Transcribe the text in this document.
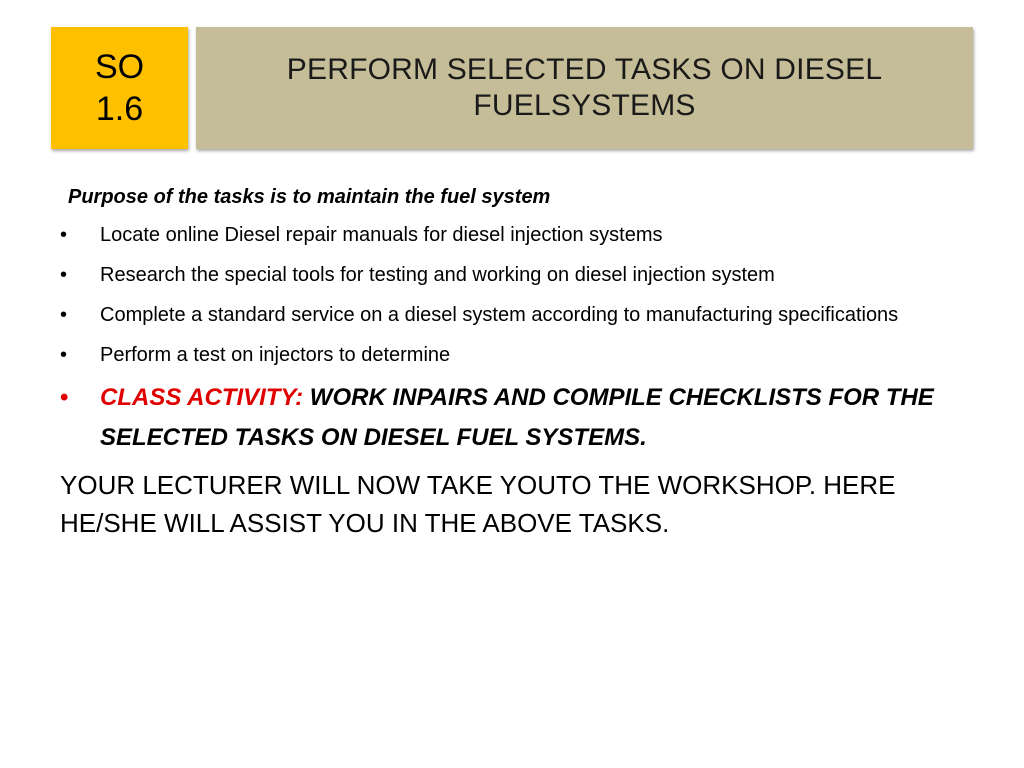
SO
1.6
PERFORM SELECTED TASKS ON DIESEL
FUELSYSTEMS
Purpose of the tasks is to maintain the fuel system
•	Locate online Diesel repair manuals for diesel injection systems
•	Research the special tools for testing and working on diesel injection system
•	Complete a standard service on a diesel system according to manufacturing specifications
•	Perform a test on injectors to determine
•	CLASS ACTIVITY: WORK INPAIRS AND COMPILE CHECKLISTS FOR THE SELECTED TASKS ON DIESEL FUEL SYSTEMS.
YOUR LECTURER WILL NOW TAKE YOUTO THE WORKSHOP. HERE HE/SHE WILL ASSIST YOU IN THE ABOVE TASKS.
